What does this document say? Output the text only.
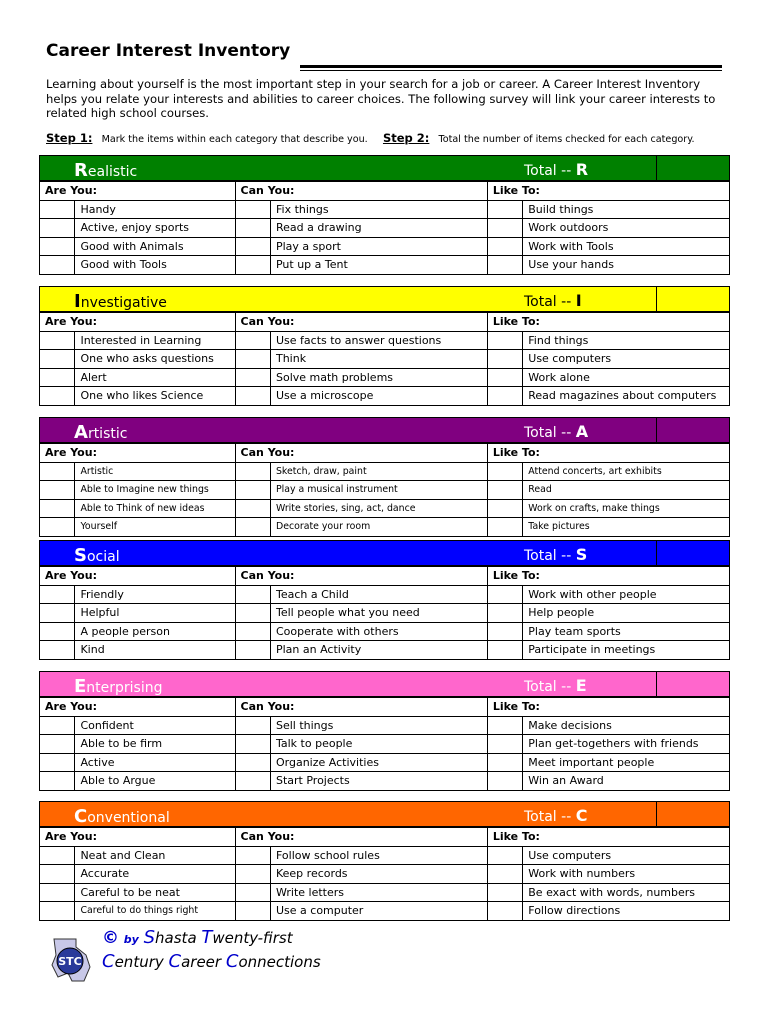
Career Interest Inventory
Learning about yourself is the most important step in your search for a job or career. A Career Interest Inventory helps you relate your interests and abilities to career choices. The following survey will link your career interests to related high school courses.
Step 1: Mark the items within each category that describe you. Step 2: Total the number of items checked for each category.
Realistic	Total -- R
Are You:		Can You:		Like To:	
	Handy		Fix things		Build things
	Active, enjoy sports		Read a drawing		Work outdoors
	Good with Animals		Play a sport		Work with Tools
	Good with Tools		Put up a Tent		Use your hands
Investigative	Total -- I
Are You:		Can You:		Like To:	
	Interested in Learning		Use facts to answer questions		Find things
	One who asks questions		Think		Use computers
	Alert		Solve math problems		Work alone
	One who likes Science		Use a microscope		Read magazines about computers
Artistic	Total -- A
Are You:		Can You:		Like To:	
	Artistic		Sketch, draw, paint		Attend concerts, art exhibits
	Able to Imagine new things		Play a musical instrument		Read
	Able to Think of new ideas		Write stories, sing, act, dance		Work on crafts, make things
	Yourself		Decorate your room		Take pictures
Social	Total -- S
Are You:		Can You:		Like To:	
	Friendly		Teach a Child		Work with other people
	Helpful		Tell people what you need		Help people
	A people person		Cooperate with others		Play team sports
	Kind		Plan an Activity		Participate in meetings
Enterprising	Total -- E
Are You:		Can You:		Like To:	
	Confident		Sell things		Make decisions
	Able to be firm		Talk to people		Plan get-togethers with friends
	Active		Organize Activities		Meet important people
	Able to Argue		Start Projects		Win an Award
Conventional	Total -- C
Are You:		Can You:		Like To:	
	Neat and Clean		Follow school rules		Use computers
	Accurate		Keep records		Work with numbers
	Careful to be neat		Write letters		Be exact with words, numbers
	Careful to do things right		Use a computer		Follow directions
STC
© by Shasta Twenty-first
Century Career Connections
